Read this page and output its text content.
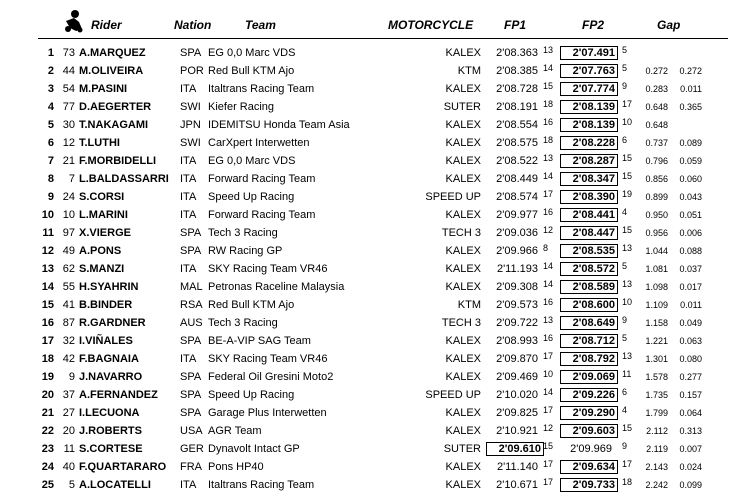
Rider	Nation	Team	MOTORCYCLE	FP1	FP2	Gap
1 73 A.MARQUEZ	SPA EG 0,0 Marc VDS	KALEX	2'08.363 13	2'07.491 5
2 44 M.OLIVEIRA	POR Red Bull KTM Ajo	KTM	2'08.385 14	2'07.763 5	0.272	0.272
3 54 M.PASINI	ITA Italtrans Racing Team	KALEX	2'08.728 15	2'07.774 9	0.283	0.011
4 77 D.AEGERTER	SWI Kiefer Racing	SUTER	2'08.191 18	2'08.139 17	0.648	0.365
5 30 T.NAKAGAMI	JPN IDEMITSU Honda Team Asia	KALEX	2'08.554 16	2'08.139 10	0.648
6 12 T.LUTHI	SWI CarXpert Interwetten	KALEX	2'08.575 18	2'08.228 6	0.737	0.089
7 21 F.MORBIDELLI ITA EG 0,0 Marc VDS	KALEX	2'08.522 13	2'08.287 15	0.796	0.059
8	7 L.BALDASSARRI ITA Forward Racing Team	KALEX	2'08.449 14	2'08.347 15	0.856	0.060
9 24 S.CORSI	ITA Speed Up Racing	SPEED UP	2'08.574 17	2'08.390 19	0.899	0.043
10 10 L.MARINI	ITA Forward Racing Team	KALEX	2'09.977 16	2'08.441 4	0.950	0.051
11 97 X.VIERGE	SPA Tech 3 Racing	TECH 3	2'09.036 12	2'08.447 15	0.956	0.006
12 49 A.PONS	SPA RW Racing GP	KALEX	2'09.966 8	2'08.535 13	1.044	0.088
13 62 S.MANZI	ITA SKY Racing Team VR46	KALEX	2'11.193 14	2'08.572 5	1.081	0.037
14 55 H.SYAHRIN	MAL Petronas Raceline Malaysia	KALEX	2'09.308 14	2'08.589 13	1.098	0.017
15 41 B.BINDER	RSA Red Bull KTM Ajo	KTM	2'09.573 16	2'08.600 10	1.109	0.011
16 87 R.GARDNER	AUS Tech 3 Racing	TECH 3	2'09.722 13	2'08.649 9	1.158	0.049
17 32 I.VIÑALES	SPA BE-A-VIP SAG Team	KALEX	2'08.993 16	2'08.712 5	1.221	0.063
18 42 F.BAGNAIA	ITA SKY Racing Team VR46	KALEX	2'09.870 17	2'08.792 13	1.301	0.080
19	9 J.NAVARRO	SPA Federal Oil Gresini Moto2	KALEX	2'09.469 10	2'09.069 11	1.578	0.277
20 37 A.FERNANDEZ SPA Speed Up Racing	SPEED UP	2'10.020 14	2'09.226 6	1.735	0.157
21 27 I.LECUONA	SPA Garage Plus Interwetten	KALEX	2'09.825 17	2'09.290 4	1.799	0.064
22 20 J.ROBERTS	USA AGR Team	KALEX	2'10.921 12	2'09.603 15	2.112	0.313
23 11 S.CORTESE	GER Dynavolt Intact GP	SUTER	2'09.610 15	2'09.969 9	2.119	0.007
24 40 F.QUARTARARO FRA Pons HP40	KALEX	2'11.140 17	2'09.634 17	2.143	0.024
25	5 A.LOCATELLI	ITA Italtrans Racing Team	KALEX	2'10.671 17	2'09.733 18	2.242	0.099
